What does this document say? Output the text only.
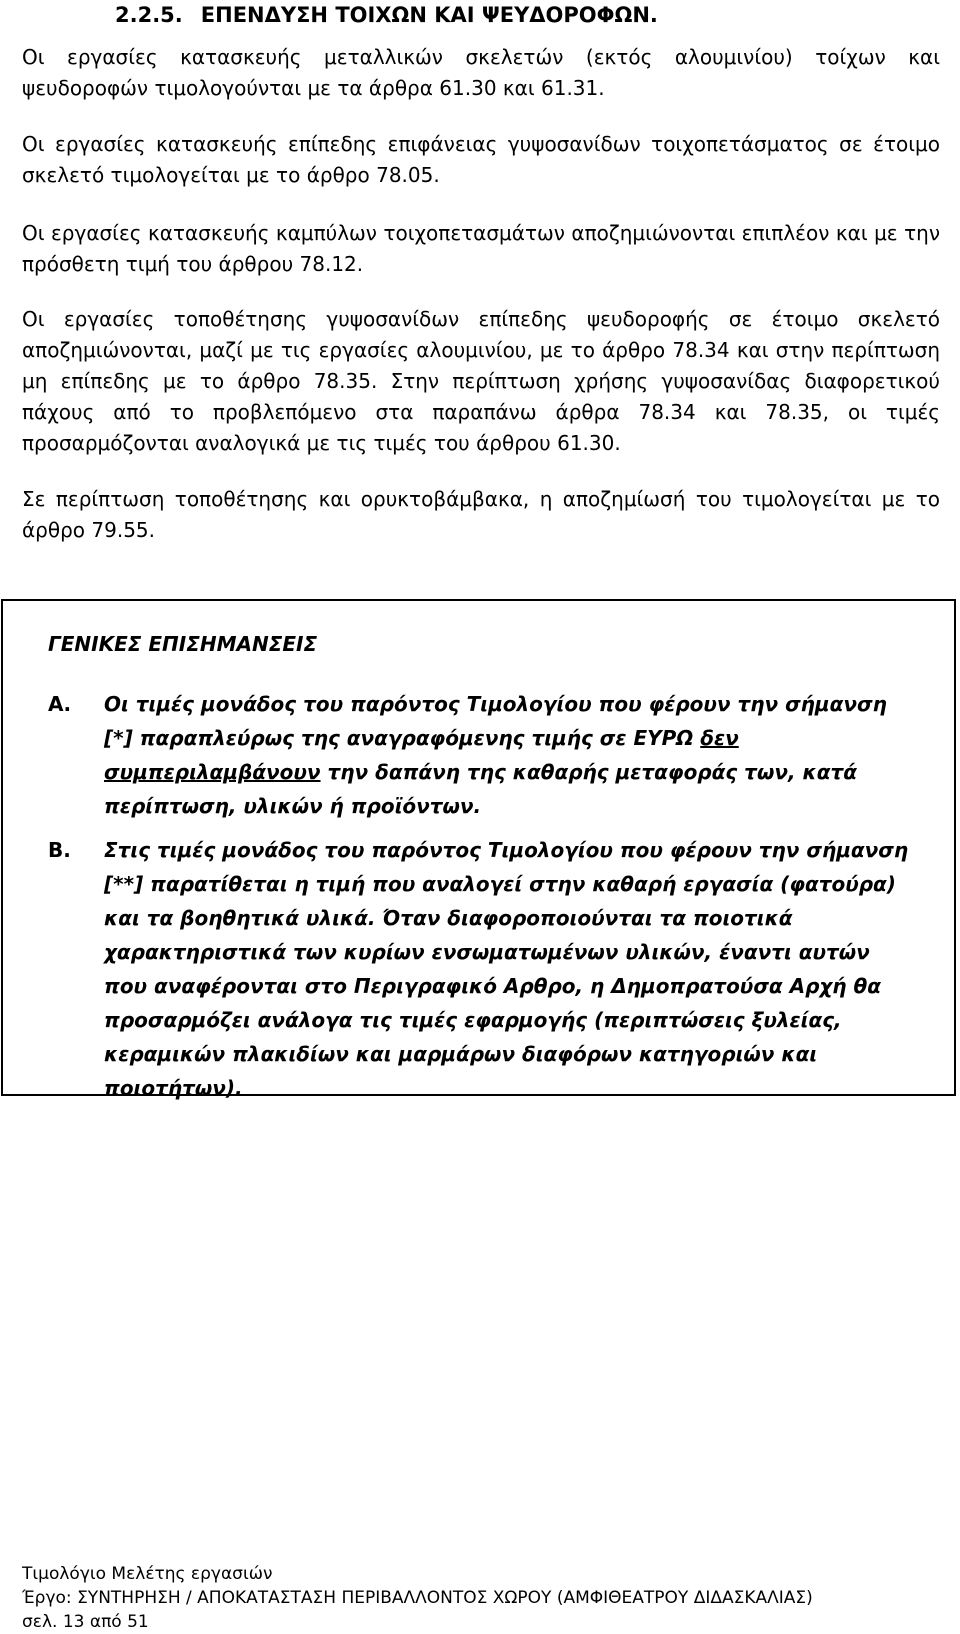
2.2.5. ΕΠΕΝΔΥΣΗ ΤΟΙΧΩΝ ΚΑΙ ΨΕΥΔΟΡΟΦΩΝ.

Οι εργασίες κατασκευής μεταλλικών σκελετών (εκτός αλουμινίου) τοίχων και ψευδοροφών τιμολογούνται με τα άρθρα 61.30 και 61.31.

Οι εργασίες κατασκευής επίπεδης επιφάνειας γυψοσανίδων τοιχοπετάσματος σε έτοιμο σκελετό τιμολογείται με το άρθρο 78.05.

Οι εργασίες κατασκευής καμπύλων τοιχοπετασμάτων αποζημιώνονται επιπλέον και με την πρόσθετη τιμή του άρθρου 78.12.

Οι εργασίες τοποθέτησης γυψοσανίδων επίπεδης ψευδοροφής σε έτοιμο σκελετό αποζημιώνονται, μαζί με τις εργασίες αλουμινίου, με το άρθρο 78.34 και στην περίπτωση μη επίπεδης με το άρθρο 78.35. Στην περίπτωση χρήσης γυψοσανίδας διαφορετικού πάχους από το προβλεπόμενο στα παραπάνω άρθρα 78.34 και 78.35, οι τιμές προσαρμόζονται αναλογικά με τις τιμές του άρθρου 61.30.

Σε περίπτωση τοποθέτησης και ορυκτοβάμβακα, η αποζημίωσή του τιμολογείται με το άρθρο 79.55.

ΓΕΝΙΚΕΣ ΕΠΙΣΗΜΑΝΣΕΙΣ
Α. Οι τιμές μονάδος του παρόντος Τιμολογίου που φέρουν την σήμανση [*] παραπλεύρως της αναγραφόμενης τιμής σε ΕΥΡΩ δεν συμπεριλαμβάνουν την δαπάνη της καθαρής μεταφοράς των, κατά περίπτωση, υλικών ή προϊόντων.

Β. Στις τιμές μονάδος του παρόντος Τιμολογίου που φέρουν την σήμανση [**] παρατίθεται η τιμή που αναλογεί στην καθαρή εργασία (φατούρα) και τα βοηθητικά υλικά. Όταν διαφοροποιούνται τα ποιοτικά χαρακτηριστικά των κυρίων ενσωματωμένων υλικών, έναντι αυτών που αναφέρονται στο Περιγραφικό Αρθρο, η Δημοπρατούσα Αρχή θα προσαρμόζει ανάλογα τις τιμές εφαρμογής (περιπτώσεις ξυλείας, κεραμικών πλακιδίων και μαρμάρων διαφόρων κατηγοριών και ποιοτήτων).

Τιμολόγιο Μελέτης εργασιών
Έργο: ΣΥΝΤΗΡΗΣΗ / ΑΠΟΚΑΤΑΣΤΑΣΗ ΠΕΡΙΒΑΛΛΟΝΤΟΣ ΧΩΡΟΥ (ΑΜΦΙΘΕΑΤΡΟΥ ΔΙΔΑΣΚΑΛΙΑΣ)
σελ. 13 από 51
